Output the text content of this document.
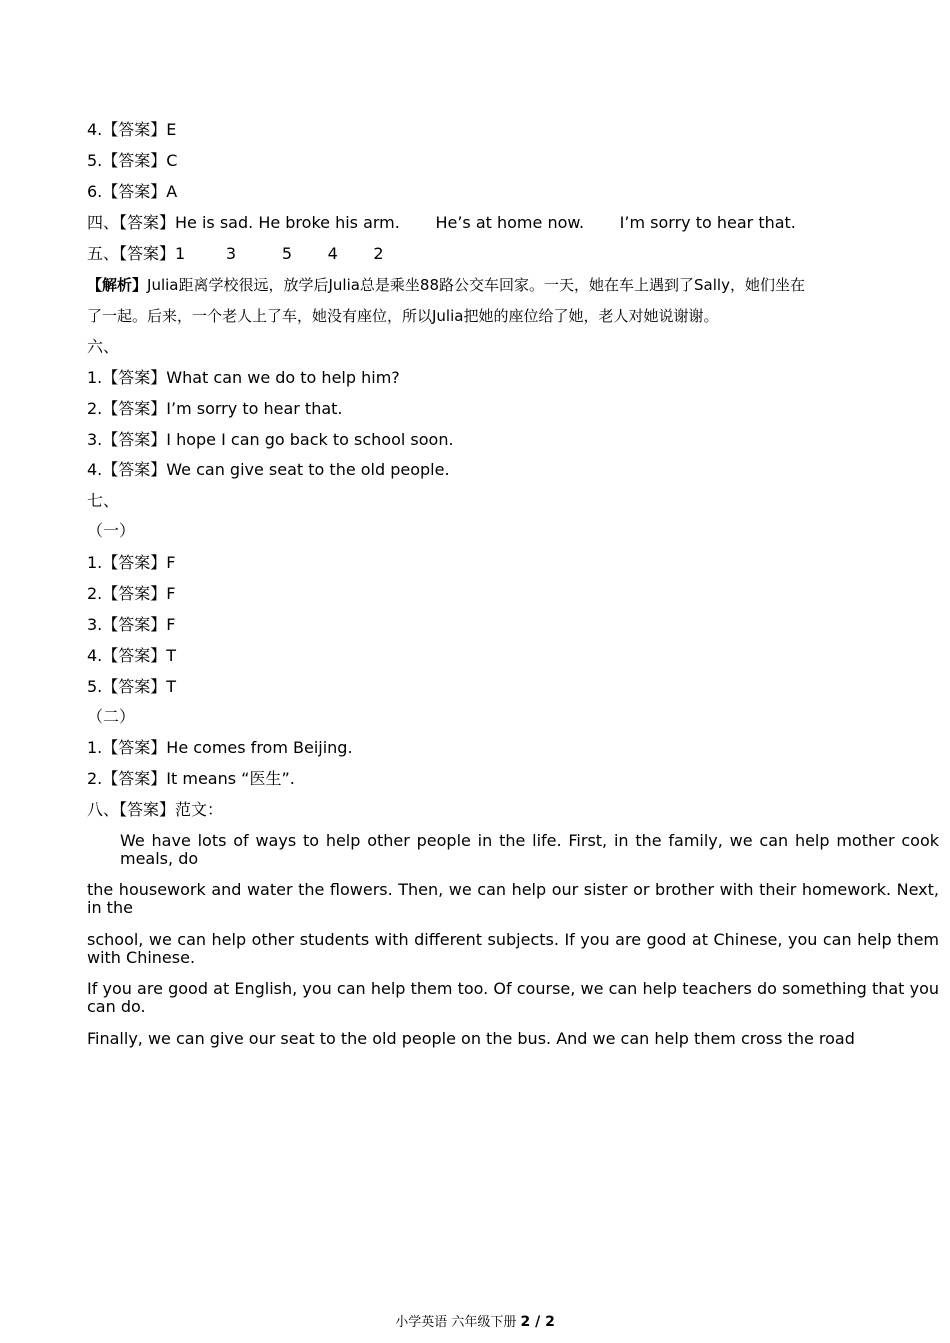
4.【答案】E
5.【答案】C
6.【答案】A
四、【答案】He is sad. He broke his arm.       He’s at home now.       I’m sorry to hear that.
五、【答案】1        3         5       4       2
【解析】Julia距离学校很远，放学后Julia总是乘坐88路公交车回家。一天，她在车上遇到了Sally，她们坐在
了一起。后来，一个老人上了车，她没有座位，所以Julia把她的座位给了她，老人对她说谢谢。
六、
1.【答案】What can we do to help him?
2.【答案】I’m sorry to hear that.
3.【答案】I hope I can go back to school soon.
4.【答案】We can give seat to the old people.
七、
（一）
1.【答案】F
2.【答案】F
3.【答案】F
4.【答案】T
5.【答案】T
（二）
1.【答案】He comes from Beijing.
2.【答案】It means “医生”.
八、【答案】范文：
We have lots of ways to help other people in the life. First, in the family, we can help mother cook meals, do
the housework and water the flowers. Then, we can help our sister or brother with their homework. Next, in the
school, we can help other students with different subjects. If you are good at Chinese, you can help them with Chinese.
If you are good at English, you can help them too. Of course, we can help teachers do something that you can do.
Finally, we can give our seat to the old people on the bus. And we can help them cross the road
小学英语 六年级下册 2 / 2
